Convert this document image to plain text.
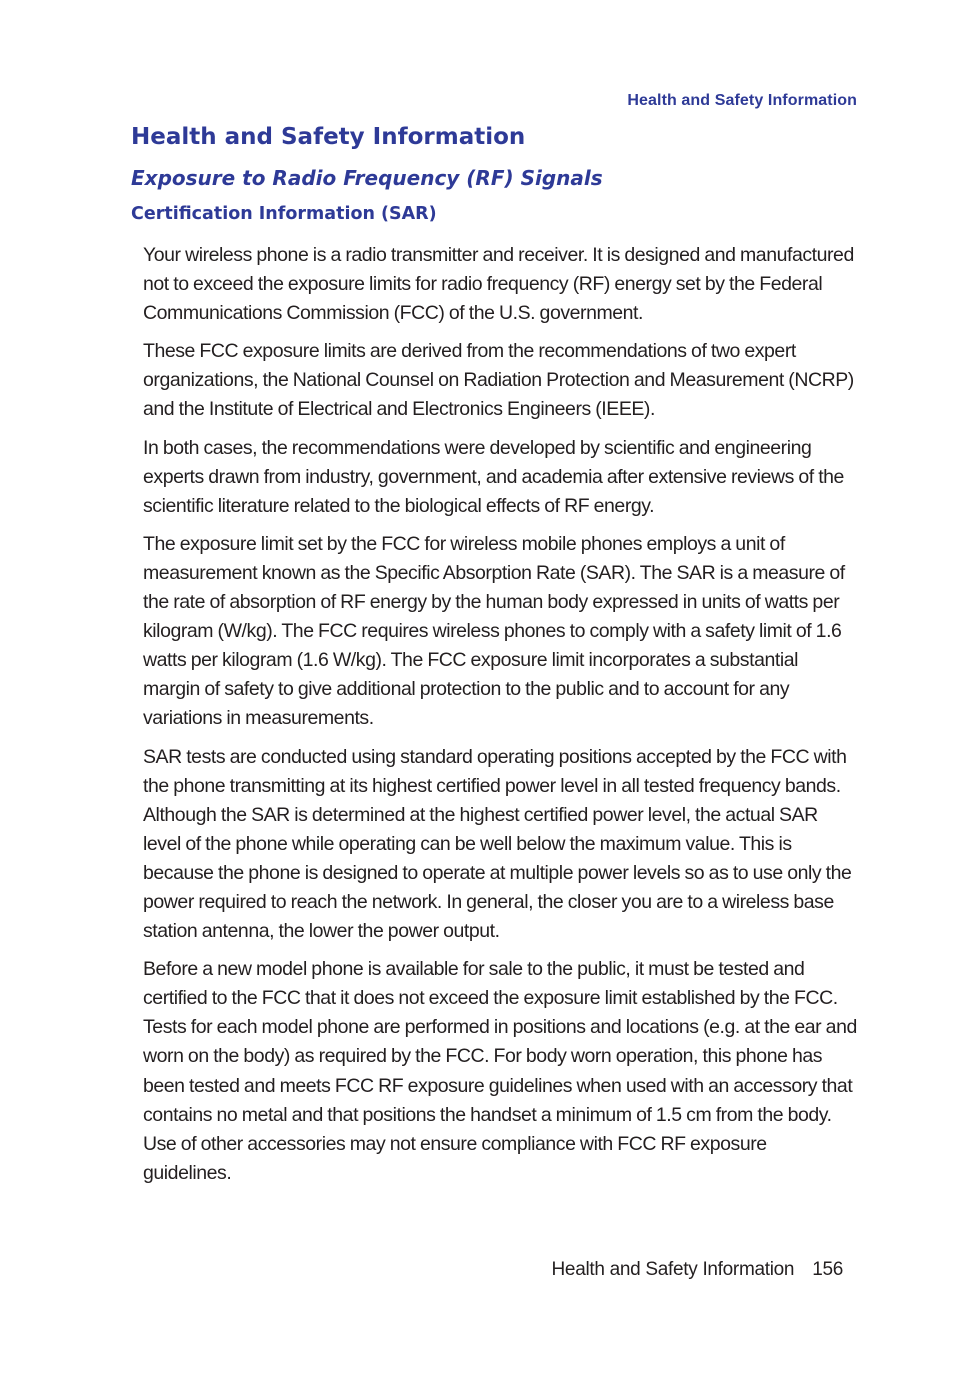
Health and Safety Information
Health and Safety Information
Exposure to Radio Frequency (RF) Signals
Certification Information (SAR)

Your wireless phone is a radio transmitter and receiver. It is designed and manufactured not to exceed the exposure limits for radio frequency (RF) energy set by the Federal Communications Commission (FCC) of the U.S. government.

These FCC exposure limits are derived from the recommendations of two expert organizations, the National Counsel on Radiation Protection and Measurement (NCRP) and the Institute of Electrical and Electronics Engineers (IEEE).

In both cases, the recommendations were developed by scientific and engineering experts drawn from industry, government, and academia after extensive reviews of the scientific literature related to the biological effects of RF energy.

The exposure limit set by the FCC for wireless mobile phones employs a unit of measurement known as the Specific Absorption Rate (SAR). The SAR is a measure of the rate of absorption of RF energy by the human body expressed in units of watts per kilogram (W/kg). The FCC requires wireless phones to comply with a safety limit of 1.6 watts per kilogram (1.6 W/kg). The FCC exposure limit incorporates a substantial margin of safety to give additional protection to the public and to account for any variations in measurements.

SAR tests are conducted using standard operating positions accepted by the FCC with the phone transmitting at its highest certified power level in all tested frequency bands. Although the SAR is determined at the highest certified power level, the actual SAR level of the phone while operating can be well below the maximum value. This is because the phone is designed to operate at multiple power levels so as to use only the power required to reach the network. In general, the closer you are to a wireless base station antenna, the lower the power output.

Before a new model phone is available for sale to the public, it must be tested and certified to the FCC that it does not exceed the exposure limit established by the FCC. Tests for each model phone are performed in positions and locations (e.g. at the ear and worn on the body) as required by the FCC. For body worn operation, this phone has been tested and meets FCC RF exposure guidelines when used with an accessory that contains no metal and that positions the handset a minimum of 1.5 cm from the body. Use of other accessories may not ensure compliance with FCC RF exposure guidelines.

Health and Safety Information 156
